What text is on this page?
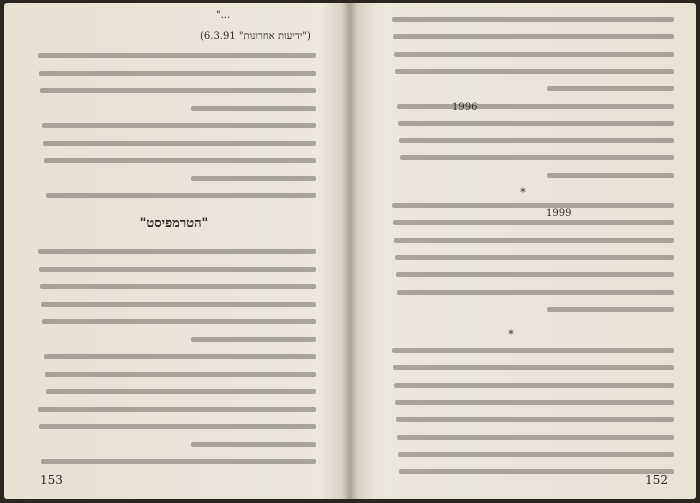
"...
(6.3.91 "ידיעות אחרונות")
"הטרמפיסט"
153
1996
1999
*
*
152
